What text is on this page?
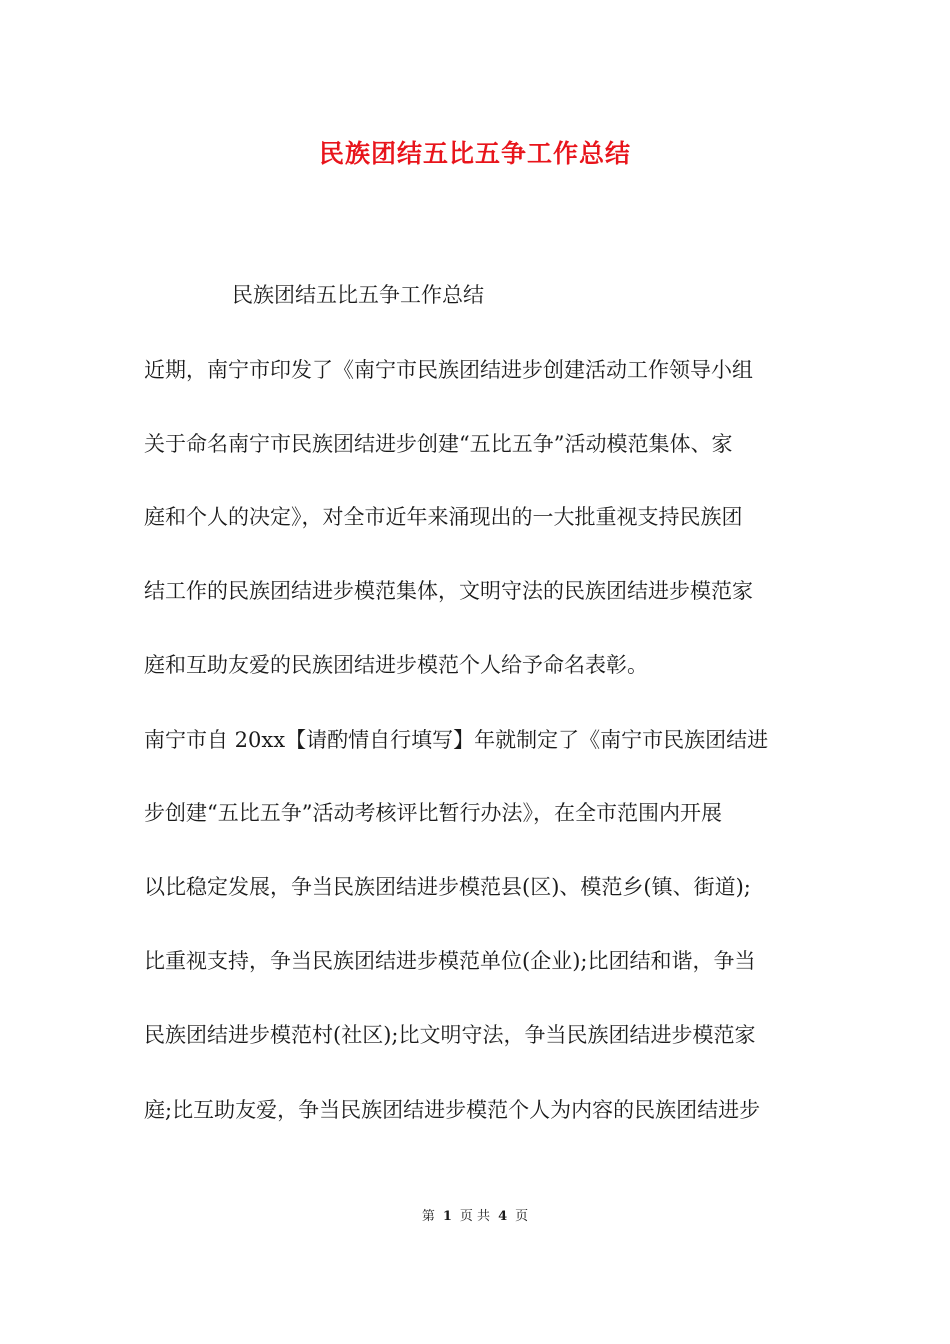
民族团结五比五争工作总结
民族团结五比五争工作总结
近期，南宁市印发了《南宁市民族团结进步创建活动工作领导小组
关于命名南宁市民族团结进步创建“五比五争”活动模范集体、家
庭和个人的决定》，对全市近年来涌现出的一大批重视支持民族团
结工作的民族团结进步模范集体，文明守法的民族团结进步模范家
庭和互助友爱的民族团结进步模范个人给予命名表彰。
南宁市自 20xx【请酌情自行填写】年就制定了《南宁市民族团结进
步创建“五比五争”活动考核评比暂行办法》，在全市范围内开展
以比稳定发展，争当民族团结进步模范县(区)、模范乡(镇、街道);
比重视支持，争当民族团结进步模范单位(企业);比团结和谐，争当
民族团结进步模范村(社区);比文明守法，争当民族团结进步模范家
庭;比互助友爱，争当民族团结进步模范个人为内容的民族团结进步
第 1 页 共 4 页
